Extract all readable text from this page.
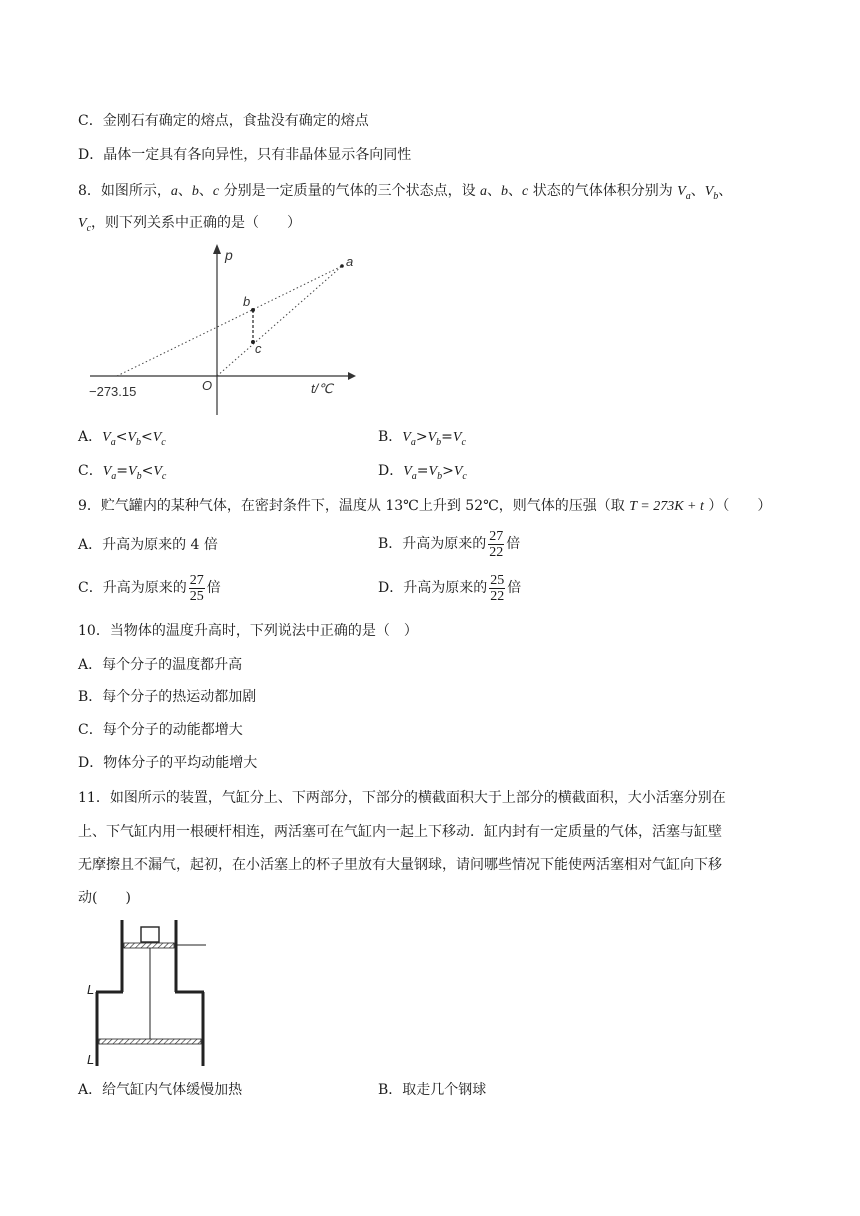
C．金刚石有确定的熔点，食盐没有确定的熔点
D．晶体一定具有各向异性，只有非晶体显示各向同性
8．如图所示，a、b、c 分别是一定质量的气体的三个状态点，设 a、b、c 状态的气体体积分别为 $V_a$、$V_b$、
$V_c$，则下列关系中正确的是（　　）
p	a
b
c
O	t/℃
−273.15
A．$V_a<V_b<V_c$	B．$V_a>V_b=V_c$
C．$V_a=V_b<V_c$	D．$V_a=V_b>V_c$
9．贮气罐内的某种气体，在密封条件下，温度从 13℃上升到 52℃，则气体的压强（取 T = 273K + t ）（　　）
A．升高为原来的 4 倍	B．升高为原来的 $\frac{27}{22}$ 倍
C．升高为原来的 $\frac{27}{25}$ 倍	D．升高为原来的 $\frac{25}{22}$ 倍
10．当物体的温度升高时，下列说法中正确的是（　）
A．每个分子的温度都升高
B．每个分子的热运动都加剧
C．每个分子的动能都增大
D．物体分子的平均动能增大
11．如图所示的装置，气缸分上、下两部分，下部分的横截面积大于上部分的横截面积，大小活塞分别在
上、下气缸内用一根硬杆相连，两活塞可在气缸内一起上下移动．缸内封有一定质量的气体，活塞与缸壁
无摩擦且不漏气，起初，在小活塞上的杯子里放有大量钢球，请问哪些情况下能使两活塞相对气缸向下移
动(　　)
L
L
A．给气缸内气体缓慢加热	B．取走几个钢球
